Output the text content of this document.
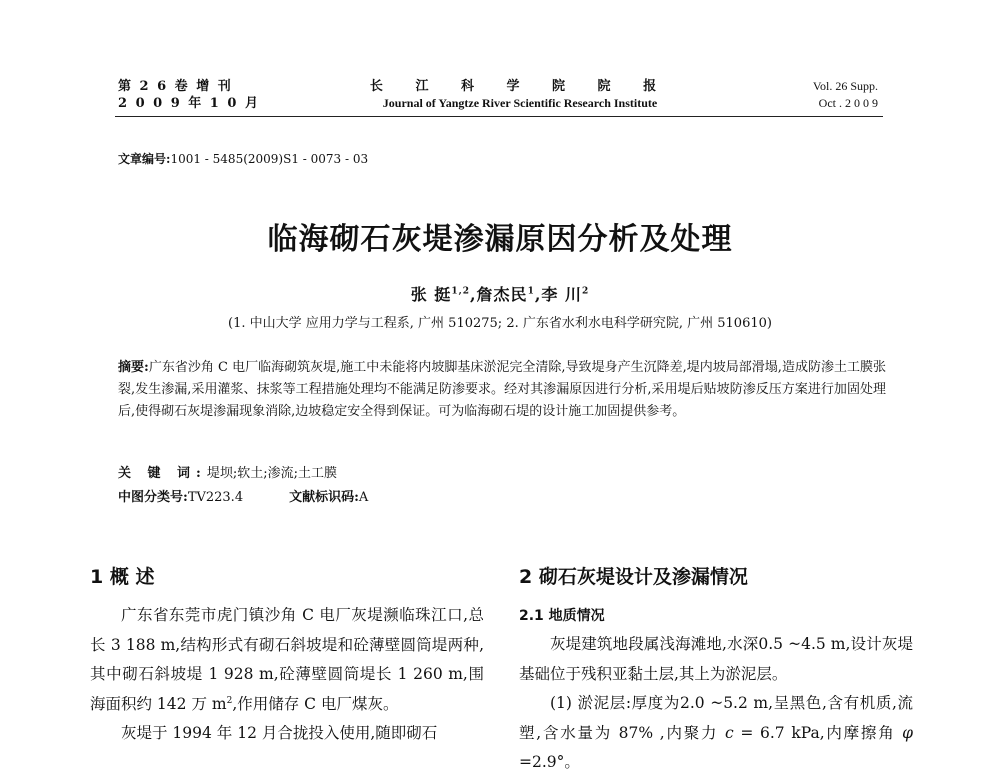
第 2 6 卷 增 刊
2 0 0 9 年 1 0 月
长 江 科 学 院 院 报
Journal of Yangtze River Scientific Research Institute
Vol. 26 Supp.
Oct . 2 0 0 9
文章编号:1001 - 5485(2009)S1 - 0073 - 03
临海砌石灰堤渗漏原因分析及处理
张 挺$^{1,2}$,詹杰民$^1$,李 川$^2$
(1. 中山大学 应用力学与工程系, 广州 510275; 2. 广东省水利水电科学研究院, 广州 510610)
摘要:广东省沙角 C 电厂临海砌筑灰堤,施工中未能将内坡脚基床淤泥完全清除,导致堤身产生沉降差,堤内坡局部滑塌,造成防渗土工膜张裂,发生渗漏,采用灌浆、抹浆等工程措施处理均不能满足防渗要求。经对其渗漏原因进行分析,采用堤后贴坡防渗反压方案进行加固处理后,使得砌石灰堤渗漏现象消除,边坡稳定安全得到保证。可为临海砌石堤的设计施工加固提供参考。
关 键 词:堤坝;软土;渗流;土工膜
中图分类号:TV223.4	文献标识码:A
1 概 述

广东省东莞市虎门镇沙角 C 电厂灰堤濒临珠江口,总长 3 188 m,结构形式有砌石斜坡堤和砼薄壁圆筒堤两种,其中砌石斜坡堤 1 928 m,砼薄壁圆筒堤长 1 260 m,围海面积约 142 万 $m^2$,作用储存 C 电厂煤灰。

灰堤于 1994 年 12 月合拢投入使用,随即砌石

2 砌石灰堤设计及渗漏情况
2.1 地质情况

灰堤建筑地段属浅海滩地,水深0.5 ~4.5 m,设计灰堤基础位于残积亚黏土层,其上为淤泥层。

(1) 淤泥层:厚度为2.0 ~5.2 m,呈黑色,含有机质,流塑,含水量为 87% ,内聚力 c = 6.7 kPa,内摩擦角 φ =2.9°。
